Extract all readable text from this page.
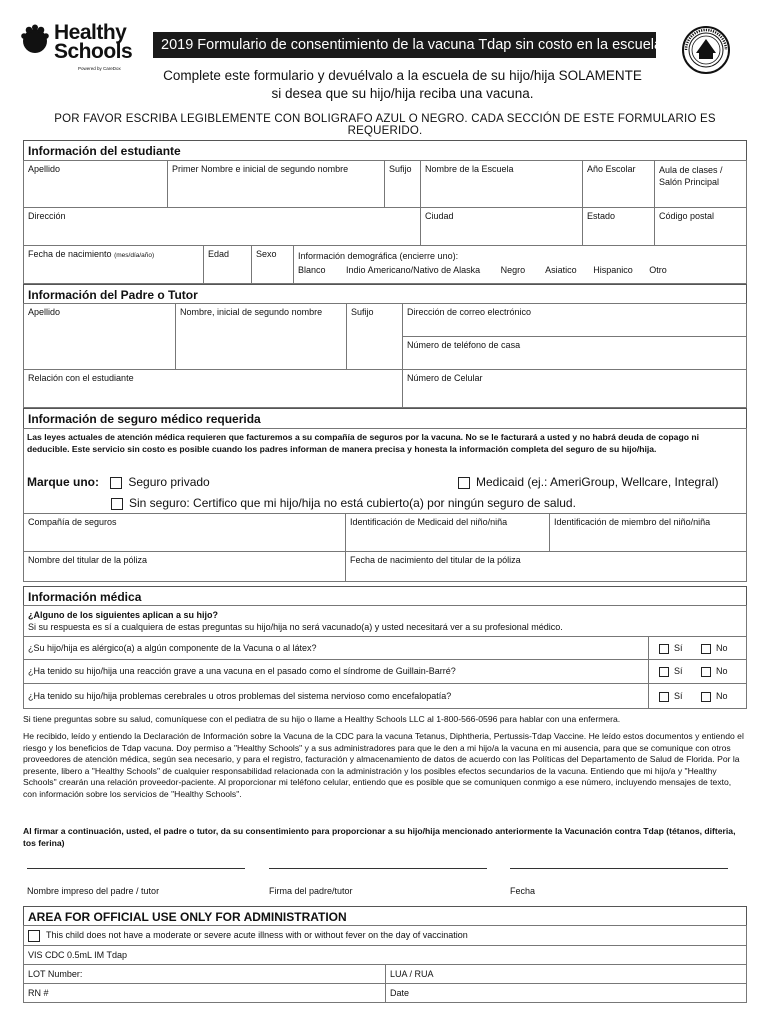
Healthy
Schools
Powered by CareDox
2019 Formulario de consentimiento de la vacuna Tdap sin costo en la escuela
Complete este formulario y devuélvalo a la escuela de su hijo/hija SOLAMENTE
si desea que su hijo/hija reciba una vacuna.
POR FAVOR ESCRIBA LEGIBLEMENTE CON BOLIGRAFO AZUL O NEGRO. CADA SECCIÓN DE ESTE FORMULARIO ES REQUERIDO.
Información del estudiante
Apellido	Primer Nombre e inicial de segundo nombre	Sufijo	Nombre de la Escuela	Año Escolar	Aula de clases / Salón Principal
Dirección	Ciudad	Estado	Código postal
Fecha de nacimiento (mes/día/año)	Edad	Sexo	Información demográfica (encierre uno):
Blanco Indio Americano/Nativo de Alaska Negro Asiatico Hispanico Otro
Información del Padre o Tutor
Apellido	Nombre, inicial de segundo nombre	Sufijo	Dirección de correo electrónico
Número de teléfono de casa
Relación con el estudiante	Número de Celular
Información de seguro médico requerida
Las leyes actuales de atención médica requieren que facturemos a su compañía de seguros por la vacuna. No se le facturará a usted y no habrá deuda de copago ni deducible. Este servicio sin costo es posible cuando los padres informan de manera precisa y honesta la información completa del seguro de su hijo/hija.
Marque uno: Seguro privado	Medicaid (ej.: AmeriGroup, Wellcare, Integral)
Sin seguro: Certifico que mi hijo/hija no está cubierto(a) por ningún seguro de salud.
Compañía de seguros	Identificación de Medicaid del niño/niña	Identificación de miembro del niño/niña
Nombre del titular de la póliza	Fecha de nacimiento del titular de la póliza
Información médica
¿Alguno de los siguientes aplican a su hijo?
Si su respuesta es sí a cualquiera de estas preguntas su hijo/hija no será vacunado(a) y usted necesitará ver a su profesional médico.
¿Su hijo/hija es alérgico(a) a algún componente de la Vacuna o al látex?	Sí	No
¿Ha tenido su hijo/hija una reacción grave a una vacuna en el pasado como el síndrome de Guillain-Barré?	Sí	No
¿Ha tenido su hijo/hija problemas cerebrales u otros problemas del sistema nervioso como encefalopatía?	Sí	No
Si tiene preguntas sobre su salud, comuníquese con el pediatra de su hijo o llame a Healthy Schools LLC al 1-800-566-0596 para hablar con una enfermera.
He recibido, leído y entiendo la Declaración de Información sobre la Vacuna de la CDC para la vacuna Tetanus, Diphtheria, Pertussis-Tdap Vaccine. He leído estos documentos y entiendo el riesgo y los beneficios de Tdap vacuna. Doy permiso a "Healthy Schools" y a sus administradores para que le den a mi hijo/a la vacuna en mi ausencia, para que se comunique con otros proveedores de atención médica, según sea necesario, y para el registro, facturación y almacenamiento de datos de acuerdo con las Políticas del Departamento de Salud de Florida. Por la presente, libero a "Healthy Schools" de cualquier responsabilidad relacionada con la administración y los posibles efectos secundarios de la vacuna. Entiendo que mi hijo/a y "Healthy Schools" crearán una relación proveedor-paciente. Al proporcionar mi teléfono celular, entiendo que es posible que se comuniquen conmigo a ese número, incluyendo mensajes de texto, con información sobre los servicios de "Healthy Schools".
Al firmar a continuación, usted, el padre o tutor, da su consentimiento para proporcionar a su hijo/hija mencionado anteriormente la Vacunación contra Tdap (tétanos, difteria, tos ferina)
Nombre impreso del padre / tutor	Firma del padre/tutor	Fecha
AREA FOR OFFICIAL USE ONLY FOR ADMINISTRATION
This child does not have a moderate or severe acute illness with or without fever on the day of vaccination
VIS CDC 0.5mL IM Tdap
LOT Number:	LUA / RUA
RN #	Date
